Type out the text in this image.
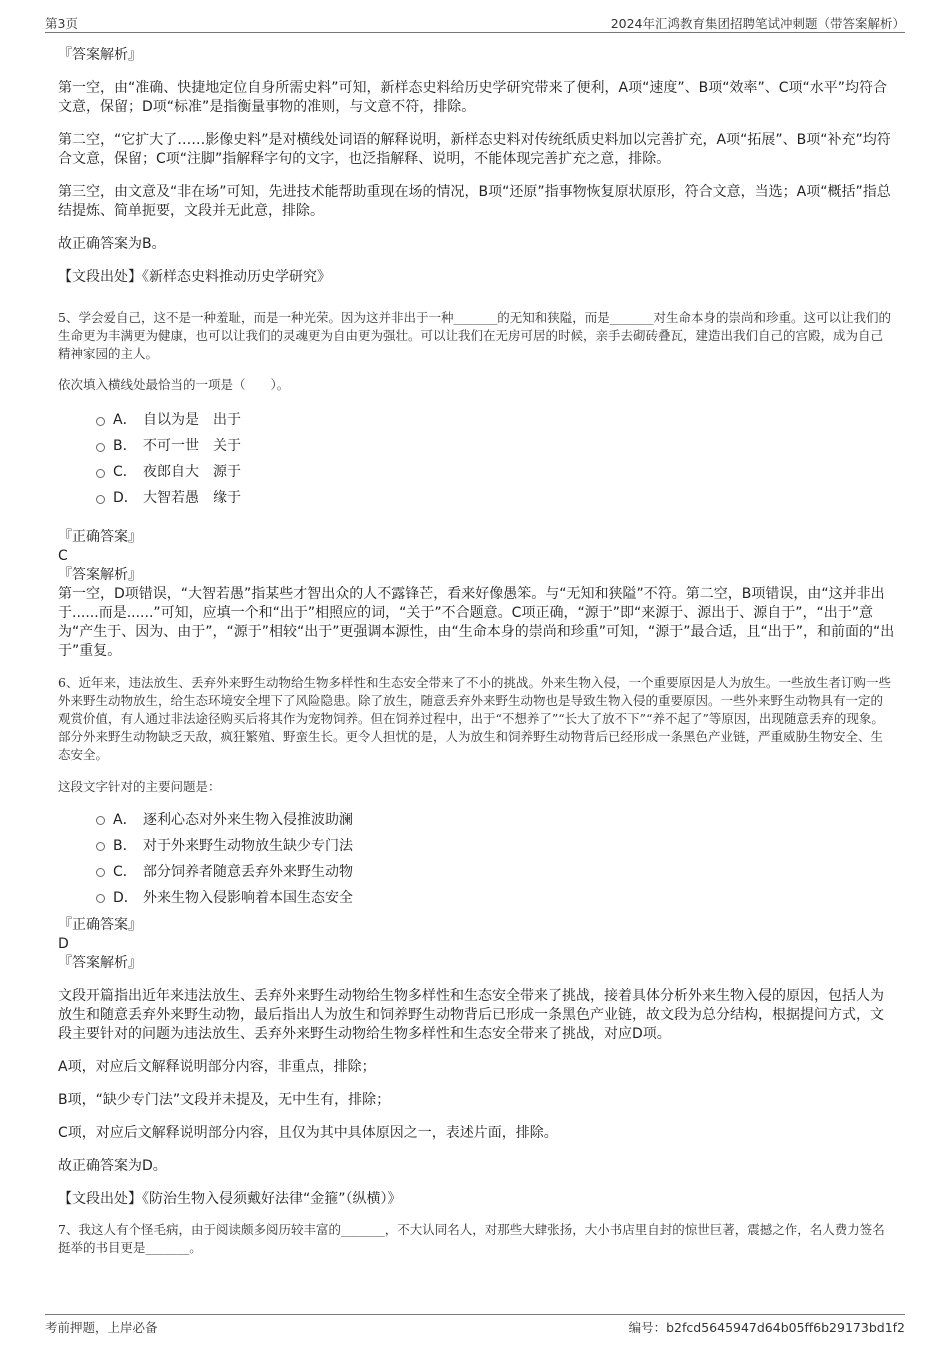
第3页	2024年汇鸿教育集团招聘笔试冲刺题（带答案解析）

『答案解析』

第一空，由“准确、快捷地定位自身所需史料”可知，新样态史料给历史学研究带来了便利，A项“速度”、B项“效率”、C项“水平”均符合文意，保留；D项“标准”是指衡量事物的准则，与文意不符，排除。

第二空，“它扩大了……影像史料”是对横线处词语的解释说明，新样态史料对传统纸质史料加以完善扩充，A项“拓展”、B项“补充”均符合文意，保留；C项“注脚”指解释字句的文字，也泛指解释、说明，不能体现完善扩充之意，排除。

第三空，由文意及“非在场”可知，先进技术能帮助重现在场的情况，B项“还原”指事物恢复原状原形，符合文意，当选；A项“概括”指总结提炼、简单扼要，文段并无此意，排除。

故正确答案为B。

【文段出处】《新样态史料推动历史学研究》

5、学会爱自己，这不是一种羞耻，而是一种光荣。因为这并非出于一种_______的无知和狭隘，而是_______对生命本身的崇尚和珍重。这可以让我们的生命更为丰满更为健康，也可以让我们的灵魂更为自由更为强壮。可以让我们在无房可居的时候，亲手去砌砖叠瓦，建造出我们自己的宫殿，成为自己精神家园的主人。

依次填入横线处最恰当的一项是（　　）。

A． 自以为是　出于
B． 不可一世　关于
C． 夜郎自大　源于
D． 大智若愚　缘于

『正确答案』

C

『答案解析』

第一空，D项错误，“大智若愚”指某些才智出众的人不露锋芒，看来好像愚笨。与“无知和狭隘”不符。第二空，B项错误，由“这并非出于......而是......”可知，应填一个和“出于”相照应的词，“关于”不合题意。C项正确，“源于”即“来源于、源出于、源自于”，“出于”意为“产生于、因为、由于”，“源于”相较“出于”更强调本源性，由“生命本身的崇尚和珍重”可知，“源于”最合适，且“出于”，和前面的“出于”重复。

6、近年来，违法放生、丢弃外来野生动物给生物多样性和生态安全带来了不小的挑战。外来生物入侵，一个重要原因是人为放生。一些放生者订购一些外来野生动物放生，给生态环境安全埋下了风险隐患。除了放生，随意丢弃外来野生动物也是导致生物入侵的重要原因。一些外来野生动物具有一定的观赏价值，有人通过非法途径购买后将其作为宠物饲养。但在饲养过程中，出于“不想养了”“长大了放不下”“养不起了”等原因，出现随意丢弃的现象。部分外来野生动物缺乏天敌，疯狂繁殖、野蛮生长。更令人担忧的是，人为放生和饲养野生动物背后已经形成一条黑色产业链，严重威胁生物安全、生态安全。

这段文字针对的主要问题是：

A． 逐利心态对外来生物入侵推波助澜
B． 对于外来野生动物放生缺少专门法
C． 部分饲养者随意丢弃外来野生动物
D． 外来生物入侵影响着本国生态安全

『正确答案』

D

『答案解析』

文段开篇指出近年来违法放生、丢弃外来野生动物给生物多样性和生态安全带来了挑战，接着具体分析外来生物入侵的原因，包括人为放生和随意丢弃外来野生动物，最后指出人为放生和饲养野生动物背后已形成一条黑色产业链，故文段为总分结构，根据提问方式，文段主要针对的问题为违法放生、丢弃外来野生动物给生物多样性和生态安全带来了挑战，对应D项。

A项，对应后文解释说明部分内容，非重点，排除；

B项，“缺少专门法”文段并未提及，无中生有，排除；

C项，对应后文解释说明部分内容，且仅为其中具体原因之一，表述片面，排除。

故正确答案为D。

【文段出处】《防治生物入侵须戴好法律“金箍”（纵横）》

7、我这人有个怪毛病，由于阅读颇多阅历较丰富的_______，不大认同名人，对那些大肆张扬，大小书店里自封的惊世巨著，震撼之作，名人费力签名挺举的书目更是_______。

考前押题，上岸必备	编号：b2fcd5645947d64b05ff6b29173bd1f2
